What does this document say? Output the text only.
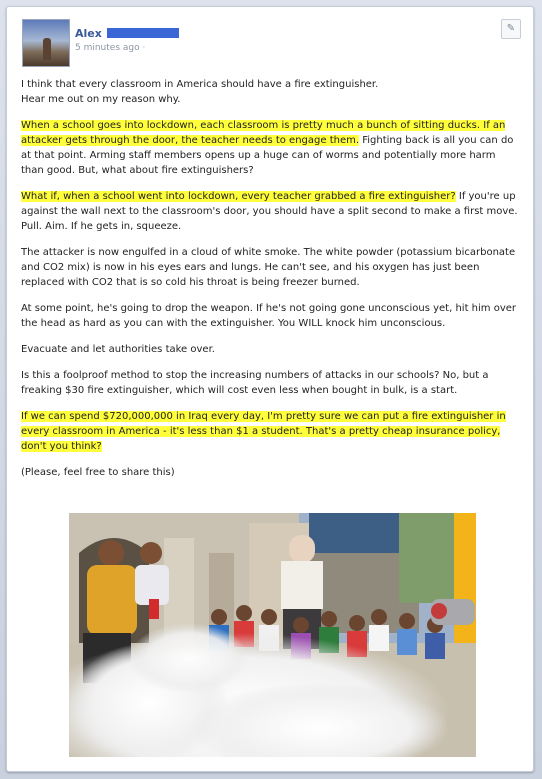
Alex
5 minutes ago ·
✎

I think that every classroom in America should have a fire extinguisher.
Hear me out on my reason why.

When a school goes into lockdown, each classroom is pretty much a bunch of sitting ducks. If an attacker gets through the door, the teacher needs to engage them. Fighting back is all you can do at that point. Arming staff members opens up a huge can of worms and potentially more harm than good. But, what about fire extinguishers?

What if, when a school went into lockdown, every teacher grabbed a fire extinguisher? If you're up against the wall next to the classroom's door, you should have a split second to make a first move. Pull. Aim. If he gets in, squeeze.

The attacker is now engulfed in a cloud of white smoke. The white powder (potassium bicarbonate and CO2 mix) is now in his eyes ears and lungs. He can't see, and his oxygen has just been replaced with CO2 that is so cold his throat is being freezer burned.

At some point, he's going to drop the weapon. If he's not going gone unconscious yet, hit him over the head as hard as you can with the extinguisher. You WILL knock him unconscious.

Evacuate and let authorities take over.

Is this a foolproof method to stop the increasing numbers of attacks in our schools? No, but a freaking $30 fire extinguisher, which will cost even less when bought in bulk, is a start.

If we can spend $720,000,000 in Iraq every day, I'm pretty sure we can put a fire extinguisher in every classroom in America - it's less than $1 a student. That's a pretty cheap insurance policy, don't you think?

(Please, feel free to share this)
